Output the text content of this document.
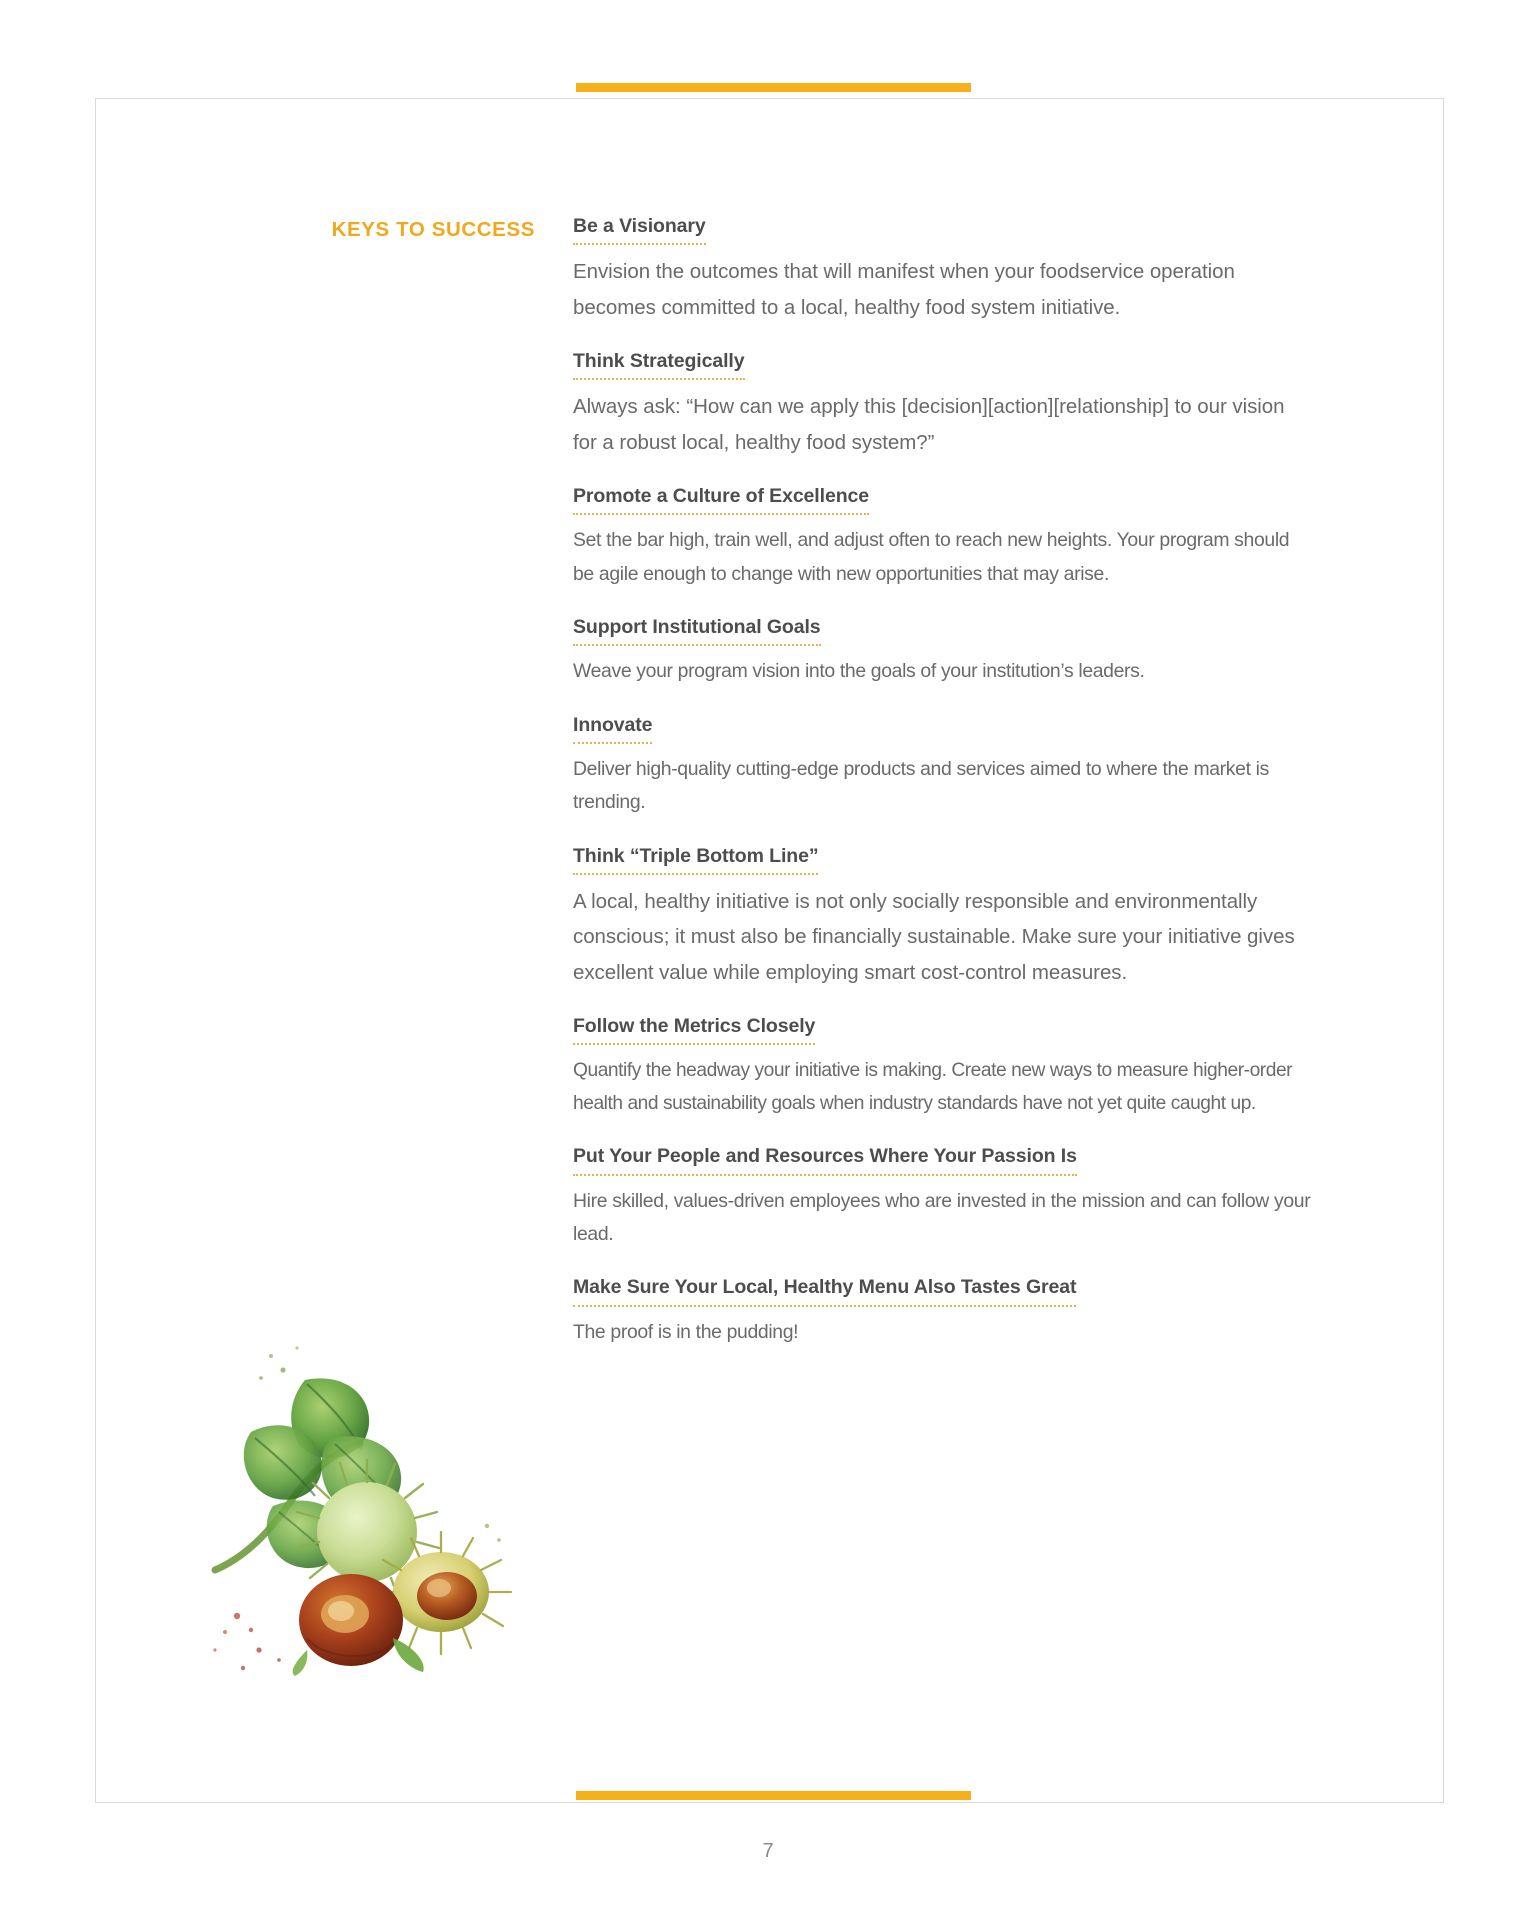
KEYS TO SUCCESS Be a Visionary
Envision the outcomes that will manifest when your foodservice operation becomes committed to a local, healthy food system initiative.
Think Strategically
Always ask: “How can we apply this [decision][action][relationship] to our vision for a robust local, healthy food system?”
Promote a Culture of Excellence
Set the bar high, train well, and adjust often to reach new heights. Your program should be agile enough to change with new opportunities that may arise.
Support Institutional Goals
Weave your program vision into the goals of your institution’s leaders.
Innovate
Deliver high-quality cutting-edge products and services aimed to where the market is trending.
Think “Triple Bottom Line”
A local, healthy initiative is not only socially responsible and environmentally conscious; it must also be financially sustainable. Make sure your initiative gives excellent value while employing smart cost-control measures.
Follow the Metrics Closely
Quantify the headway your initiative is making. Create new ways to measure higher-order health and sustainability goals when industry standards have not yet quite caught up.
Put Your People and Resources Where Your Passion Is
Hire skilled, values-driven employees who are invested in the mission and can follow your lead.
Make Sure Your Local, Healthy Menu Also Tastes Great
The proof is in the pudding!
7
